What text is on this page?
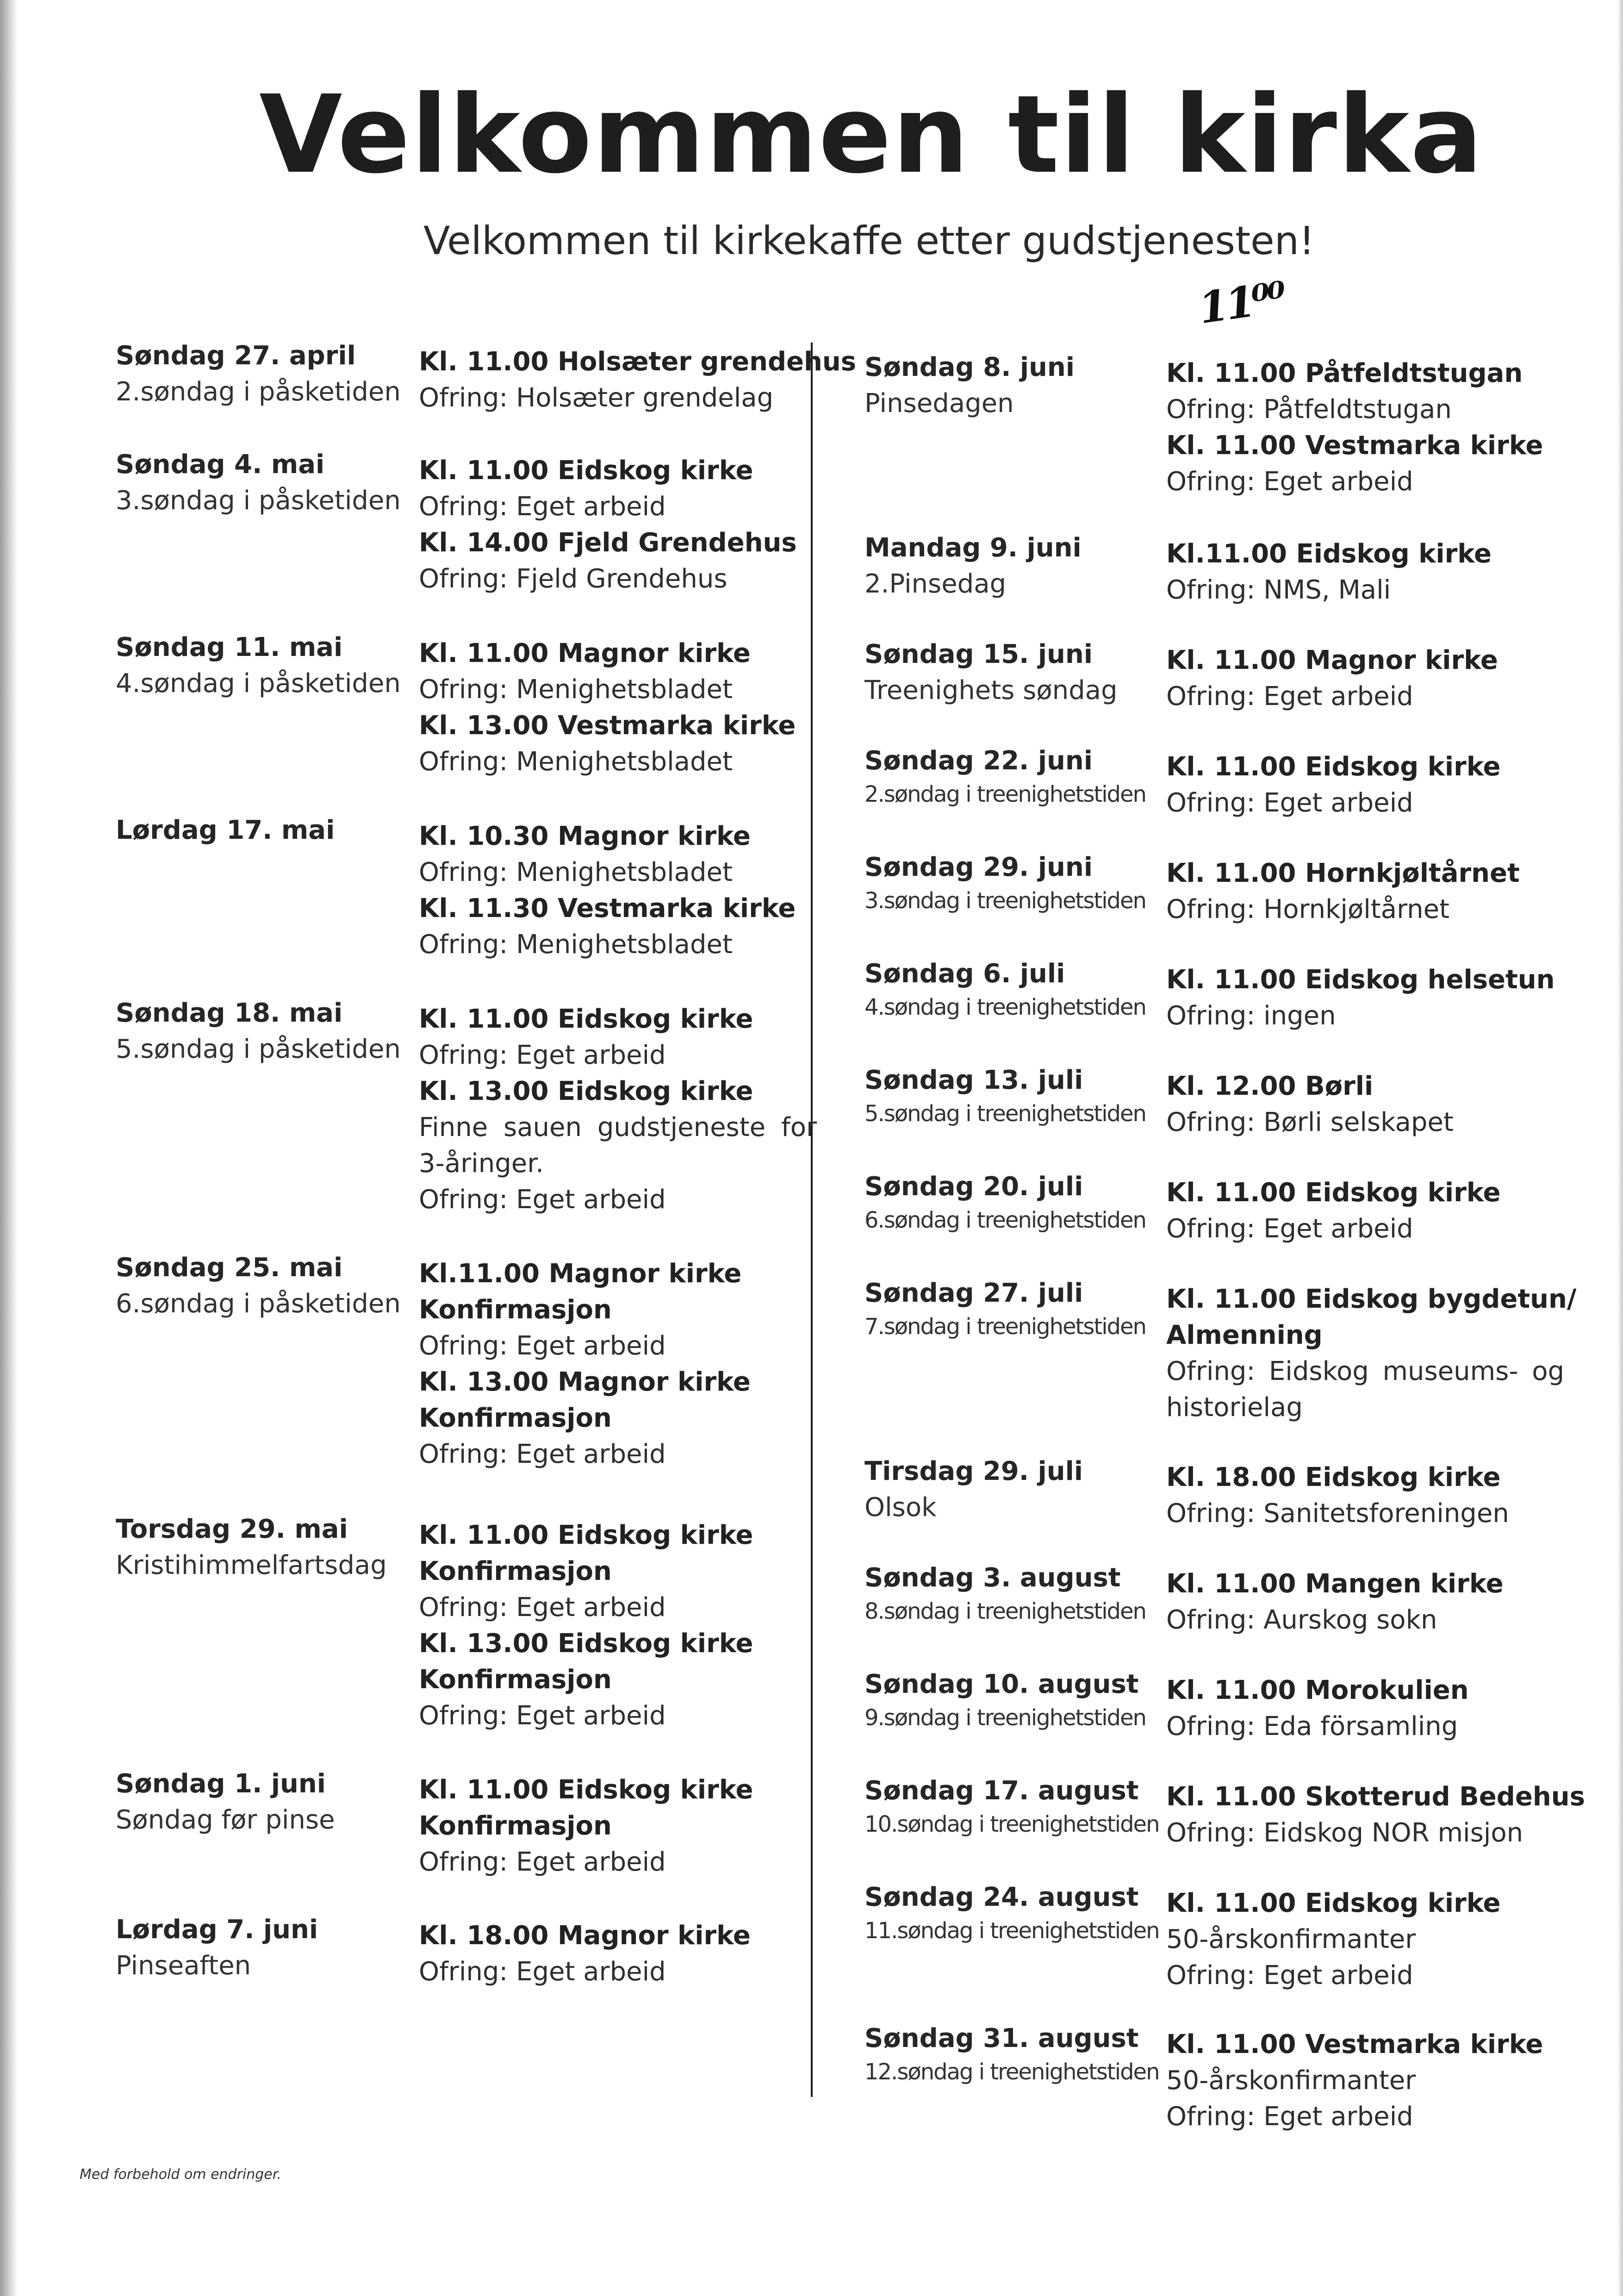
Velkommen til kirka
Velkommen til kirkekaffe etter gudstjenesten!
11⁰⁰
Søndag 27. april
2.søndag i påsketiden
Kl. 11.00 Holsæter grendehus
Ofring: Holsæter grendelag
Søndag 4. mai
3.søndag i påsketiden
Kl. 11.00 Eidskog kirke
Ofring: Eget arbeid
Kl. 14.00 Fjeld Grendehus
Ofring: Fjeld Grendehus
Søndag 11. mai
4.søndag i påsketiden
Kl. 11.00 Magnor kirke
Ofring: Menighetsbladet
Kl. 13.00 Vestmarka kirke
Ofring: Menighetsbladet
Lørdag 17. mai	Kl. 10.30 Magnor kirke
Ofring: Menighetsbladet
Kl. 11.30 Vestmarka kirke
Ofring: Menighetsbladet
Søndag 18. mai
5.søndag i påsketiden
Kl. 11.00 Eidskog kirke
Ofring: Eget arbeid
Kl. 13.00 Eidskog kirke
Finne sauen gudstjeneste for
3-åringer.
Ofring: Eget arbeid
Søndag 25. mai
6.søndag i påsketiden
Kl.11.00 Magnor kirke
Konfirmasjon
Ofring: Eget arbeid
Kl. 13.00 Magnor kirke
Konfirmasjon
Ofring: Eget arbeid
Torsdag 29. mai
Kristihimmelfartsdag
Kl. 11.00 Eidskog kirke
Konfirmasjon
Ofring: Eget arbeid
Kl. 13.00 Eidskog kirke
Konfirmasjon
Ofring: Eget arbeid
Søndag 1. juni
Søndag før pinse
Kl. 11.00 Eidskog kirke
Konfirmasjon
Ofring: Eget arbeid
Lørdag 7. juni
Pinseaften
Kl. 18.00 Magnor kirke
Ofring: Eget arbeid
Søndag 8. juni
Pinsedagen
Kl. 11.00 Påtfeldtstugan
Ofring: Påtfeldtstugan
Kl. 11.00 Vestmarka kirke
Ofring: Eget arbeid
Mandag 9. juni
2.Pinsedag
Kl.11.00 Eidskog kirke
Ofring: NMS, Mali
Søndag 15. juni
Treenighets søndag
Kl. 11.00 Magnor kirke
Ofring: Eget arbeid
Søndag 22. juni
2.søndag i treenighetstiden
Kl. 11.00 Eidskog kirke
Ofring: Eget arbeid
Søndag 29. juni
3.søndag i treenighetstiden
Kl. 11.00 Hornkjøltårnet
Ofring: Hornkjøltårnet
Søndag 6. juli
4.søndag i treenighetstiden
Kl. 11.00 Eidskog helsetun
Ofring: ingen
Søndag 13. juli
5.søndag i treenighetstiden
Kl. 12.00 Børli
Ofring: Børli selskapet
Søndag 20. juli
6.søndag i treenighetstiden
Kl. 11.00 Eidskog kirke
Ofring: Eget arbeid
Søndag 27. juli
7.søndag i treenighetstiden
Kl. 11.00 Eidskog bygdetun/
Almenning
Ofring: Eidskog museums- og
historielag
Tirsdag 29. juli
Olsok
Kl. 18.00 Eidskog kirke
Ofring: Sanitetsforeningen
Søndag 3. august
8.søndag i treenighetstiden
Kl. 11.00 Mangen kirke
Ofring: Aurskog sokn
Søndag 10. august
9.søndag i treenighetstiden
Kl. 11.00 Morokulien
Ofring: Eda församling
Søndag 17. august
10.søndag i treenighetstiden
Kl. 11.00 Skotterud Bedehus
Ofring: Eidskog NOR misjon
Søndag 24. august
11.søndag i treenighetstiden
Kl. 11.00 Eidskog kirke
50-årskonfirmanter
Ofring: Eget arbeid
Søndag 31. august
12.søndag i treenighetstiden
Kl. 11.00 Vestmarka kirke
50-årskonfirmanter
Ofring: Eget arbeid
Med forbehold om endringer.
